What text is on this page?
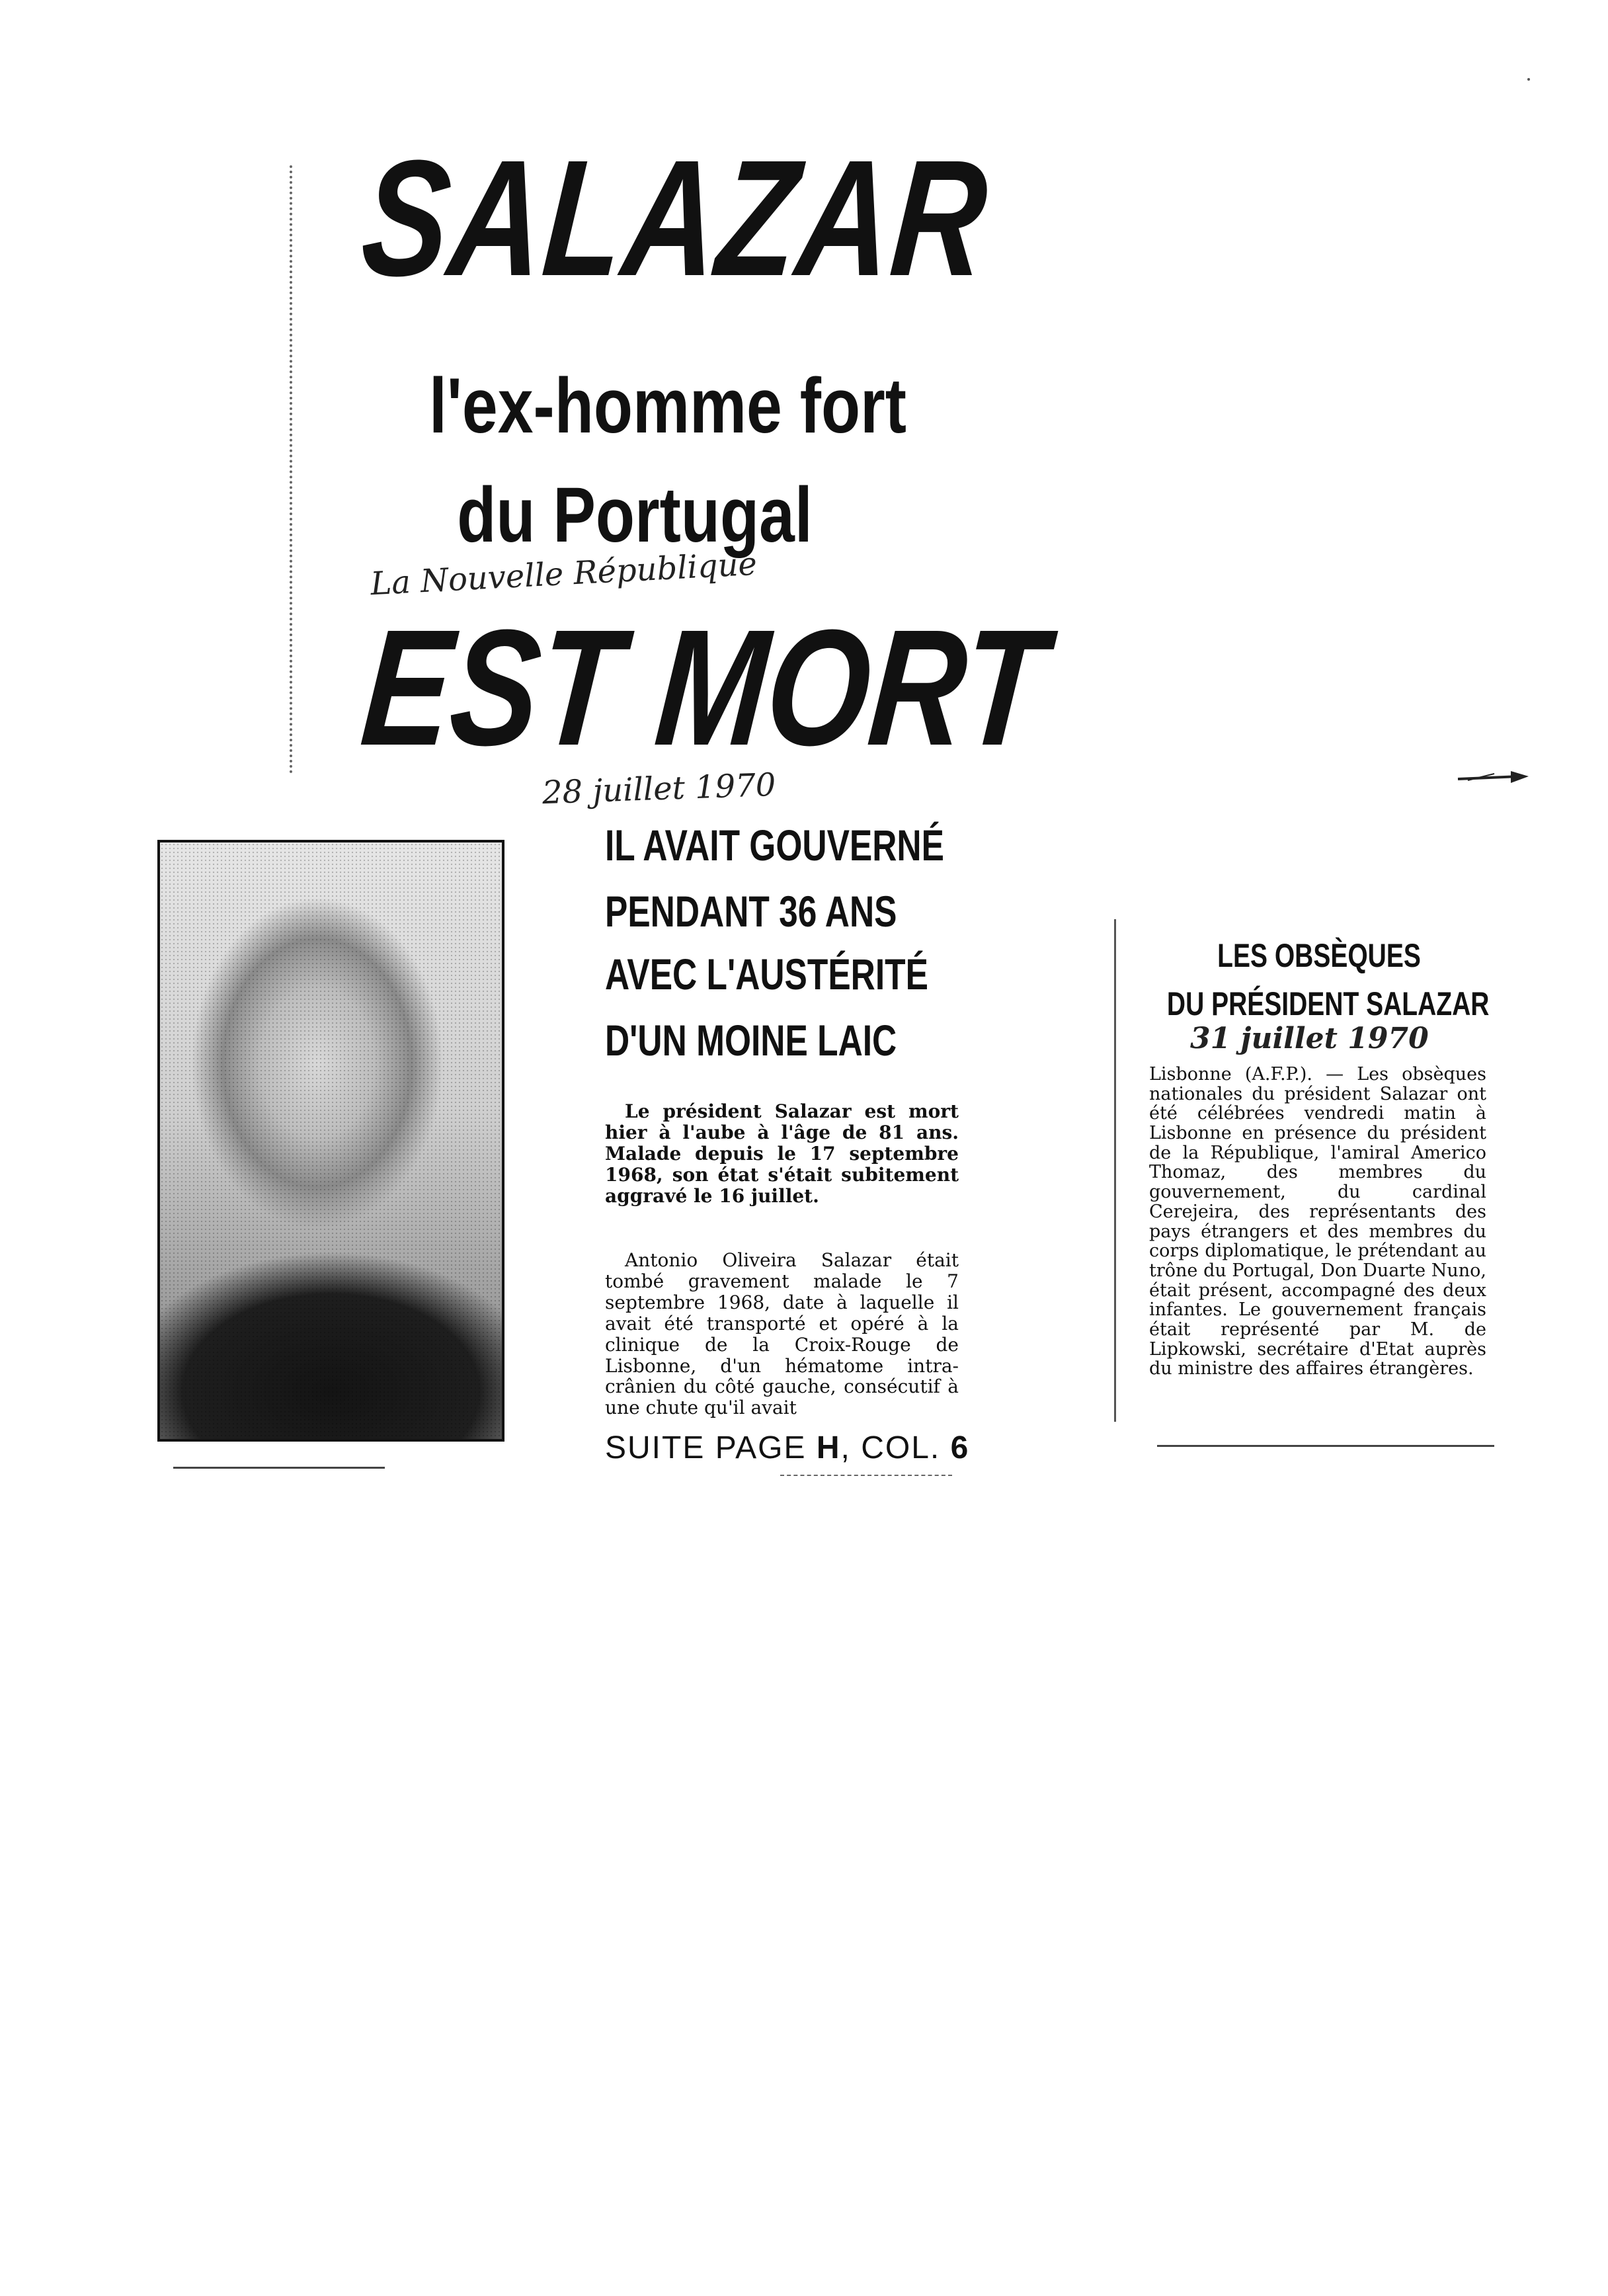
SALAZAR
l'ex-homme fort
du Portugal
La Nouvelle République
EST MORT
28 juillet 1970
IL AVAIT GOUVERNÉ
PENDANT 36 ANS
AVEC L'AUSTÉRITÉ
D'UN MOINE LAIC

Le président Salazar est mort hier à l'aube à l'âge de 81 ans. Malade depuis le 17 septembre 1968, son état s'était subitement aggravé le 16 juillet.

Antonio Oliveira Salazar était tombé gravement malade le 7 septembre 1968, date à laquelle il avait été transporté et opéré à la clinique de la Croix-Rouge de Lisbonne, d'un hématome intra-crânien du côté gauche, consécutif à une chute qu'il avait

SUITE PAGE H, COL. 6
LES OBSÈQUES
DU PRÉSIDENT SALAZAR
31 juillet 1970

Lisbonne (A.F.P.). — Les obsèques nationales du président Salazar ont été célébrées vendredi matin à Lisbonne en présence du président de la République, l'amiral Americo Thomaz, des membres du gouvernement, du cardinal Cerejeira, des représentants des pays étrangers et des membres du corps diplomatique, le prétendant au trône du Portugal, Don Duarte Nuno, était présent, accompagné des deux infantes. Le gouvernement français était représenté par M. de Lipkowski, secrétaire d'Etat auprès du ministre des affaires étrangères.
